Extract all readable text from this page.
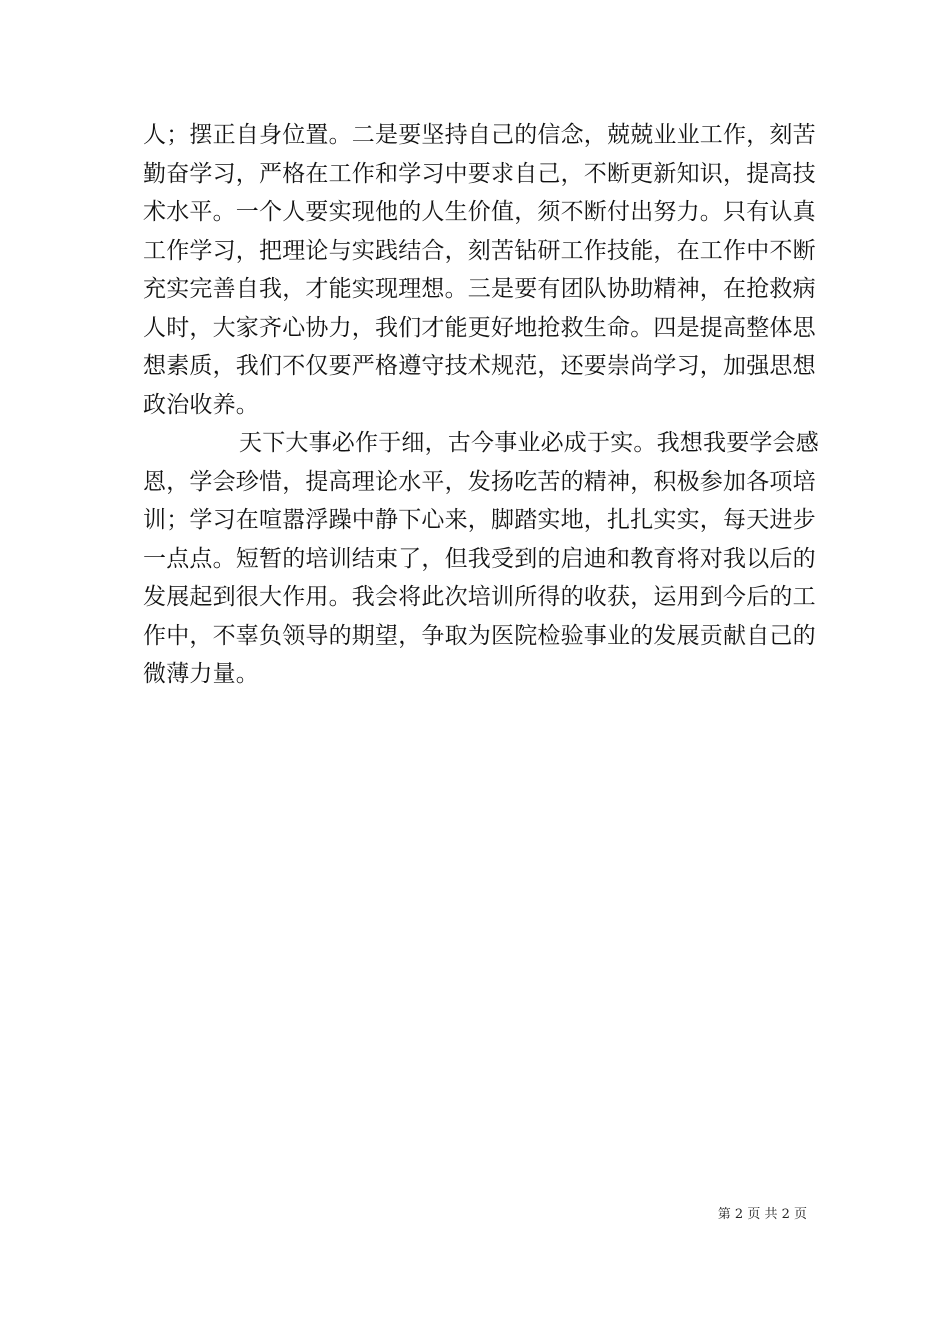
人；摆正自身位置。二是要坚持自己的信念，兢兢业业工作，刻苦
勤奋学习，严格在工作和学习中要求自己，不断更新知识，提高技
术水平。一个人要实现他的人生价值，须不断付出努力。只有认真
工作学习，把理论与实践结合，刻苦钻研工作技能，在工作中不断
充实完善自我，才能实现理想。三是要有团队协助精神，在抢救病
人时，大家齐心协力，我们才能更好地抢救生命。四是提高整体思
想素质，我们不仅要严格遵守技术规范，还要崇尚学习，加强思想
政治收养。
天下大事必作于细，古今事业必成于实。我想我要学会感
恩，学会珍惜，提高理论水平，发扬吃苦的精神，积极参加各项培
训；学习在喧嚣浮躁中静下心来，脚踏实地，扎扎实实，每天进步
一点点。短暂的培训结束了，但我受到的启迪和教育将对我以后的
发展起到很大作用。我会将此次培训所得的收获，运用到今后的工
作中，不辜负领导的期望，争取为医院检验事业的发展贡献自己的
微薄力量。
第 2 页 共 2 页
